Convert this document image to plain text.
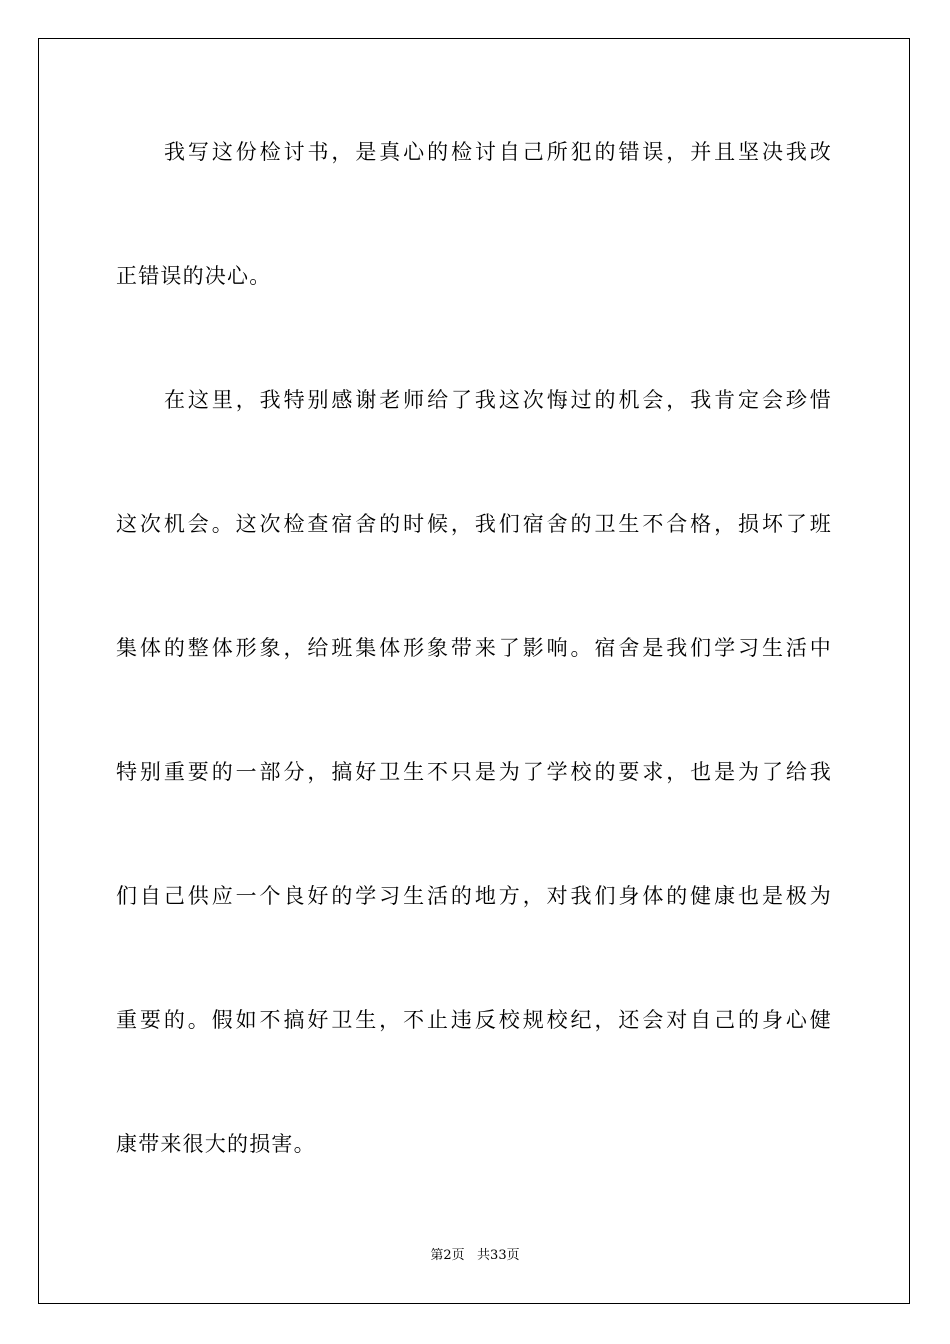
我写这份检讨书，是真心的检讨自己所犯的错误，并且坚决我改
正错误的决心。
在这里，我特别感谢老师给了我这次悔过的机会，我肯定会珍惜
这次机会。这次检查宿舍的时候，我们宿舍的卫生不合格，损坏了班
集体的整体形象，给班集体形象带来了影响。宿舍是我们学习生活中
特别重要的一部分，搞好卫生不只是为了学校的要求，也是为了给我
们自己供应一个良好的学习生活的地方，对我们身体的健康也是极为
重要的。假如不搞好卫生，不止违反校规校纪，还会对自己的身心健
康带来很大的损害。
第2页   共33页
